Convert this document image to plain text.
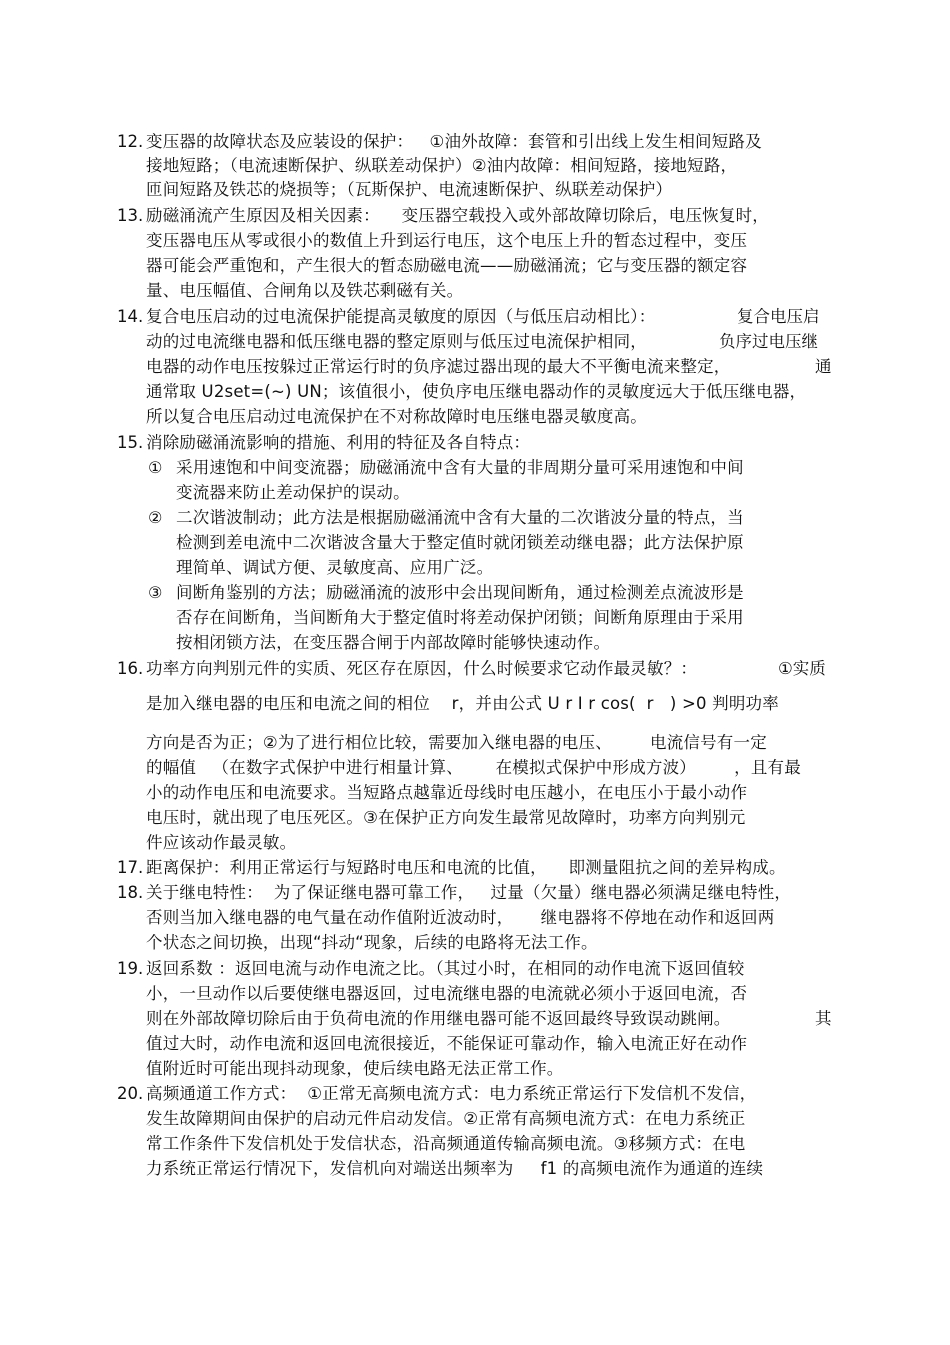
12. 变压器的故障状态及应装设的保护：   ①油外故障：套管和引出线上发生相间短路及
接地短路；（电流速断保护、纵联差动保护）②油内故障：相间短路，接地短路，
匝间短路及铁芯的烧损等；（瓦斯保护、电流速断保护、纵联差动保护）
13. 励磁涌流产生原因及相关因素：    变压器空载投入或外部故障切除后，电压恢复时，
变压器电压从零或很小的数值上升到运行电压，这个电压上升的暂态过程中，变压
器可能会严重饱和，产生很大的暂态励磁电流——励磁涌流；它与变压器的额定容
量、电压幅值、合闸角以及铁芯剩磁有关。
14. 复合电压启动的过电流保护能提高灵敏度的原因（与低压启动相比）：	复合电压启
动的过电流继电器和低压继电器的整定原则与低压过电流保护相同，	负序过电压继
电器的动作电压按躲过正常运行时的负序滤过器出现的最大不平衡电流来整定，	通
通常取 U2set=(~) UN；该值很小，使负序电压继电器动作的灵敏度远大于低压继电器，
所以复合电压启动过电流保护在不对称故障时电压继电器灵敏度高。
15. 消除励磁涌流影响的措施、利用的特征及各自特点：
① 采用速饱和中间变流器；励磁涌流中含有大量的非周期分量可采用速饱和中间
变流器来防止差动保护的误动。
② 二次谐波制动；此方法是根据励磁涌流中含有大量的二次谐波分量的特点，当
检测到差电流中二次谐波含量大于整定值时就闭锁差动继电器；此方法保护原
理简单、调试方便、灵敏度高、应用广泛。
③ 间断角鉴别的方法；励磁涌流的波形中会出现间断角，通过检测差点流波形是
否存在间断角，当间断角大于整定值时将差动保护闭锁；间断角原理由于采用
按相闭锁方法，在变压器合闸于内部故障时能够快速动作。
16. 功率方向判别元件的实质、死区存在原因，什么时候要求它动作最灵敏？：	①实质
是加入继电器的电压和电流之间的相位    r，并由公式 U r I r cos(  r   ) >0 判明功率
方向是否为正；②为了进行相位比较，需要加入继电器的电压、       电流信号有一定
的幅值   （在数字式保护中进行相量计算、      在模拟式保护中形成方波）       ，且有最
小的动作电压和电流要求。当短路点越靠近母线时电压越小，在电压小于最小动作
电压时，就出现了电压死区。③在保护正方向发生最常见故障时，功率方向判别元
件应该动作最灵敏。
17. 距离保护：利用正常运行与短路时电压和电流的比值，    即测量阻抗之间的差异构成。
18. 关于继电特性：  为了保证继电器可靠工作，   过量（欠量）继电器必须满足继电特性，
否则当加入继电器的电气量在动作值附近波动时，     继电器将不停地在动作和返回两
个状态之间切换，出现“抖动“现象，后续的电路将无法工作。
19. 返回系数 ：返回电流与动作电流之比。（其过小时，在相同的动作电流下返回值较
小，一旦动作以后要使继电器返回，过电流继电器的电流就必须小于返回电流，否
则在外部故障切除后由于负荷电流的作用继电器可能不返回最终导致误动跳闸。	其
值过大时，动作电流和返回电流很接近，不能保证可靠动作，输入电流正好在动作
值附近时可能出现抖动现象，使后续电路无法正常工作。
20. 高频通道工作方式：  ①正常无高频电流方式：电力系统正常运行下发信机不发信，
发生故障期间由保护的启动元件启动发信。②正常有高频电流方式：在电力系统正
常工作条件下发信机处于发信状态，沿高频通道传输高频电流。③移频方式：在电
力系统正常运行情况下，发信机向对端送出频率为     f1 的高频电流作为通道的连续
